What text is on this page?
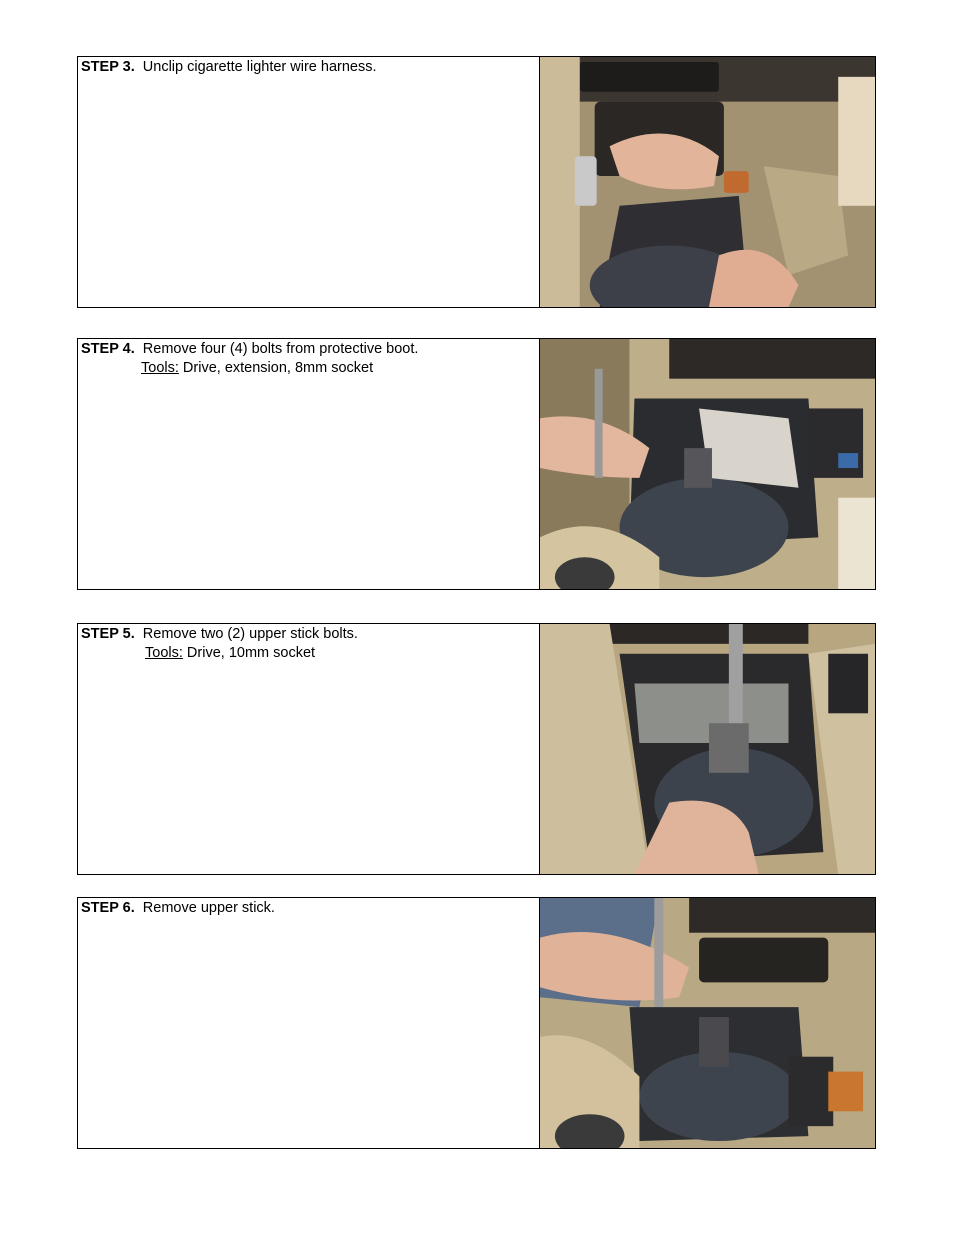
STEP 3. Unclip cigarette lighter wire harness.
STEP 4. Remove four (4) bolts from protective boot.
Tools: Drive, extension, 8mm socket
STEP 5. Remove two (2) upper stick bolts.
Tools: Drive, 10mm socket
STEP 6. Remove upper stick.
